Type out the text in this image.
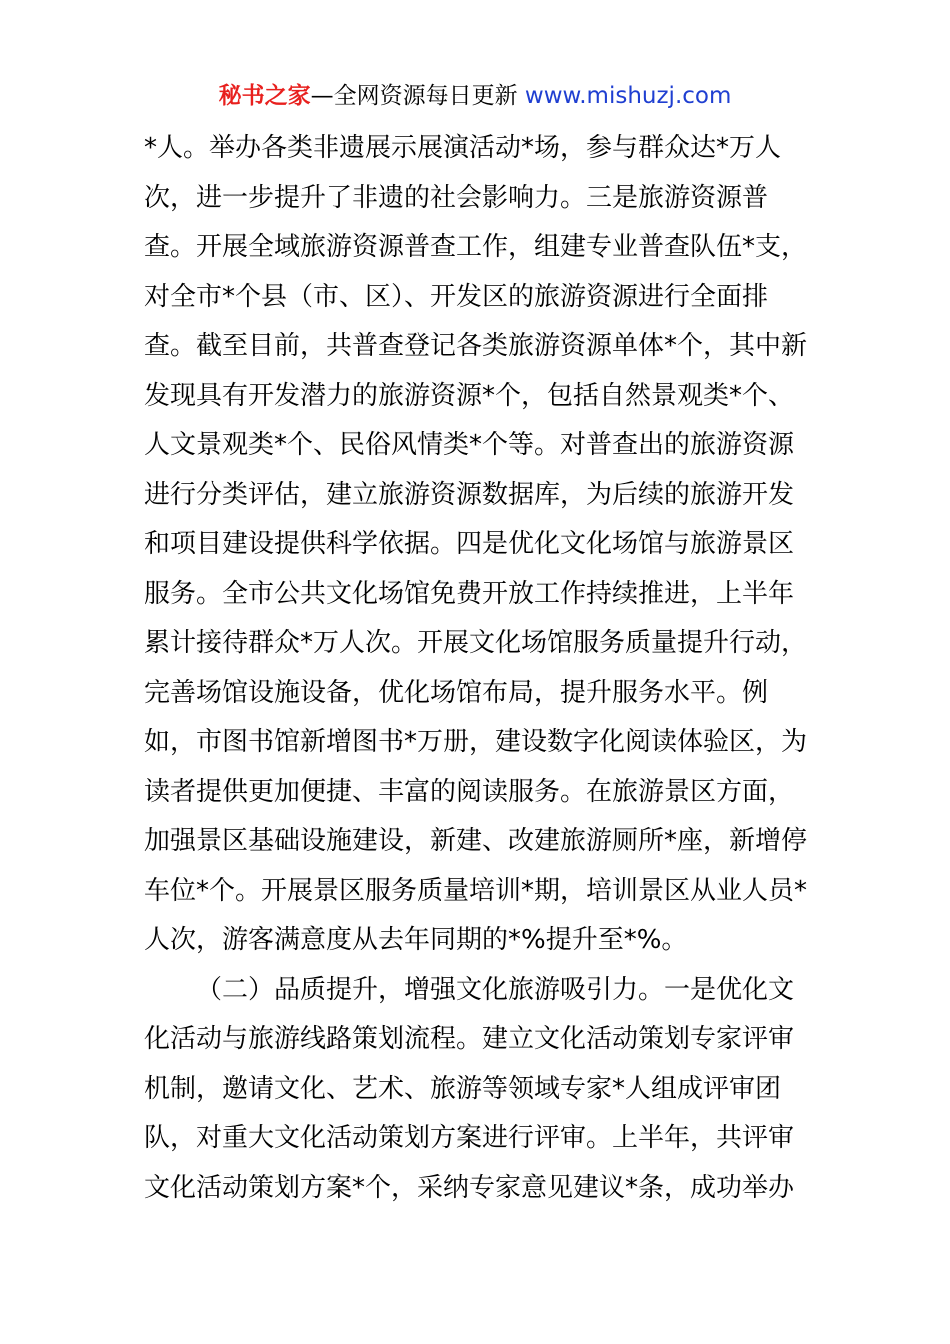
秘书之家—全网资源每日更新 www.mishuzj.com
*人。举办各类非遗展示展演活动*场，参与群众达*万人
次，进一步提升了非遗的社会影响力。三是旅游资源普
查。开展全域旅游资源普查工作，组建专业普查队伍*支，
对全市*个县（市、区）、开发区的旅游资源进行全面排
查。截至目前，共普查登记各类旅游资源单体*个，其中新
发现具有开发潜力的旅游资源*个，包括自然景观类*个、
人文景观类*个、民俗风情类*个等。对普查出的旅游资源
进行分类评估，建立旅游资源数据库，为后续的旅游开发
和项目建设提供科学依据。四是优化文化场馆与旅游景区
服务。全市公共文化场馆免费开放工作持续推进，上半年
累计接待群众*万人次。开展文化场馆服务质量提升行动，
完善场馆设施设备，优化场馆布局，提升服务水平。例
如，市图书馆新增图书*万册，建设数字化阅读体验区，为
读者提供更加便捷、丰富的阅读服务。在旅游景区方面，
加强景区基础设施建设，新建、改建旅游厕所*座，新增停
车位*个。开展景区服务质量培训*期，培训景区从业人员*
人次，游客满意度从去年同期的*%提升至*%。
（二）品质提升，增强文化旅游吸引力。一是优化文
化活动与旅游线路策划流程。建立文化活动策划专家评审
机制，邀请文化、艺术、旅游等领域专家*人组成评审团
队，对重大文化活动策划方案进行评审。上半年，共评审
文化活动策划方案*个，采纳专家意见建议*条，成功举办
